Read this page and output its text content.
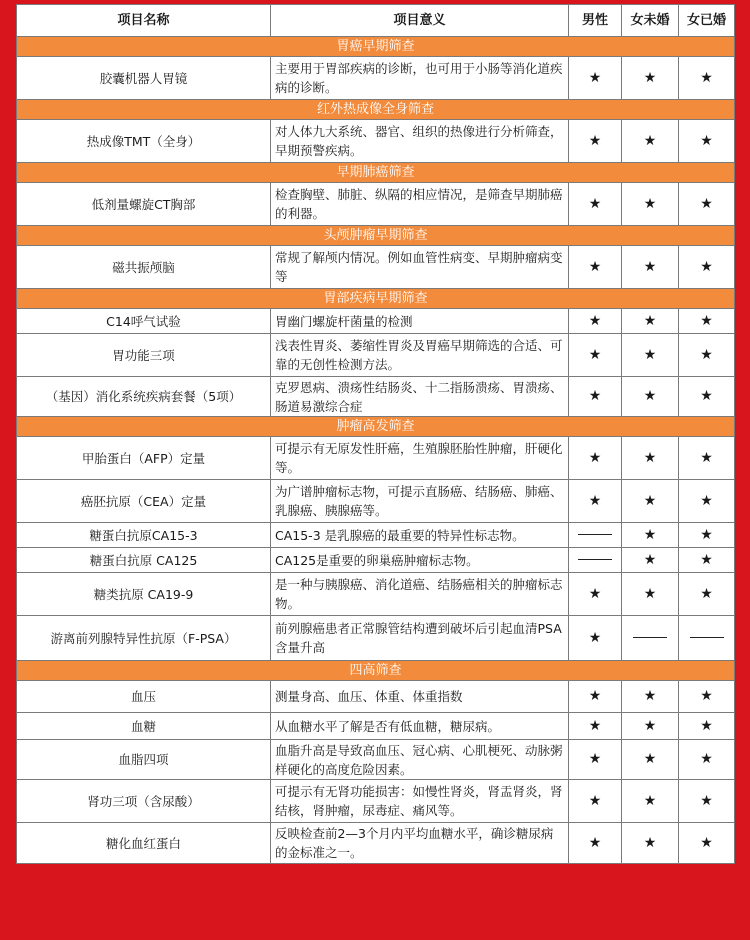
项目名称	项目意义	男性	女未婚	女已婚
胃癌早期筛查				
胶囊机器人胃镜	主要用于胃部疾病的诊断，也可用于小肠等消化道疾病的诊断。	★	★	★
红外热成像全身筛查				
热成像TMT（全身）	对人体九大系统、器官、组织的热像进行分析筛查，早期预警疾病。	★	★	★
早期肺癌筛查				
低剂量螺旋CT胸部	检查胸壁、肺脏、纵隔的相应情况，是筛查早期肺癌的利器。	★	★	★
头颅肿瘤早期筛查				
磁共振颅脑	常规了解颅内情况。例如血管性病变、早期肿瘤病变等	★	★	★
胃部疾病早期筛查				
C14呼气试验	胃幽门螺旋杆菌量的检测	★	★	★
胃功能三项	浅表性胃炎、萎缩性胃炎及胃癌早期筛选的合适、可靠的无创性检测方法。	★	★	★
（基因）消化系统疾病套餐（5项）	克罗恩病、溃疡性结肠炎、十二指肠溃疡、胃溃疡、肠道易激综合症	★	★	★
肿瘤高发筛查				
甲胎蛋白（AFP）定量	可提示有无原发性肝癌，生殖腺胚胎性肿瘤，肝硬化等。	★	★	★
癌胚抗原（CEA）定量	为广谱肿瘤标志物，可提示直肠癌、结肠癌、肺癌、乳腺癌、胰腺癌等。	★	★	★
糖蛋白抗原CA15-3	CA15-3 是乳腺癌的最重要的特异性标志物。		★	★
糖蛋白抗原 CA125	CA125是重要的卵巢癌肿瘤标志物。		★	★
糖类抗原 CA19-9	是一种与胰腺癌、消化道癌、结肠癌相关的肿瘤标志物。	★	★	★
游离前列腺特异性抗原（F-PSA）	前列腺癌患者正常腺管结构遭到破坏后引起血清PSA含量升高	★		
四高筛查				
血压	测量身高、血压、体重、体重指数	★	★	★
血糖	从血糖水平了解是否有低血糖，糖尿病。	★	★	★
血脂四项	血脂升高是导致高血压、冠心病、心肌梗死、动脉粥样硬化的高度危险因素。	★	★	★
肾功三项（含尿酸）	可提示有无肾功能损害：如慢性肾炎，肾盂肾炎，肾结核，肾肿瘤，尿毒症、痛风等。	★	★	★
糖化血红蛋白	反映检查前2—3个月内平均血糖水平，确诊糖尿病的金标准之一。	★	★	★
